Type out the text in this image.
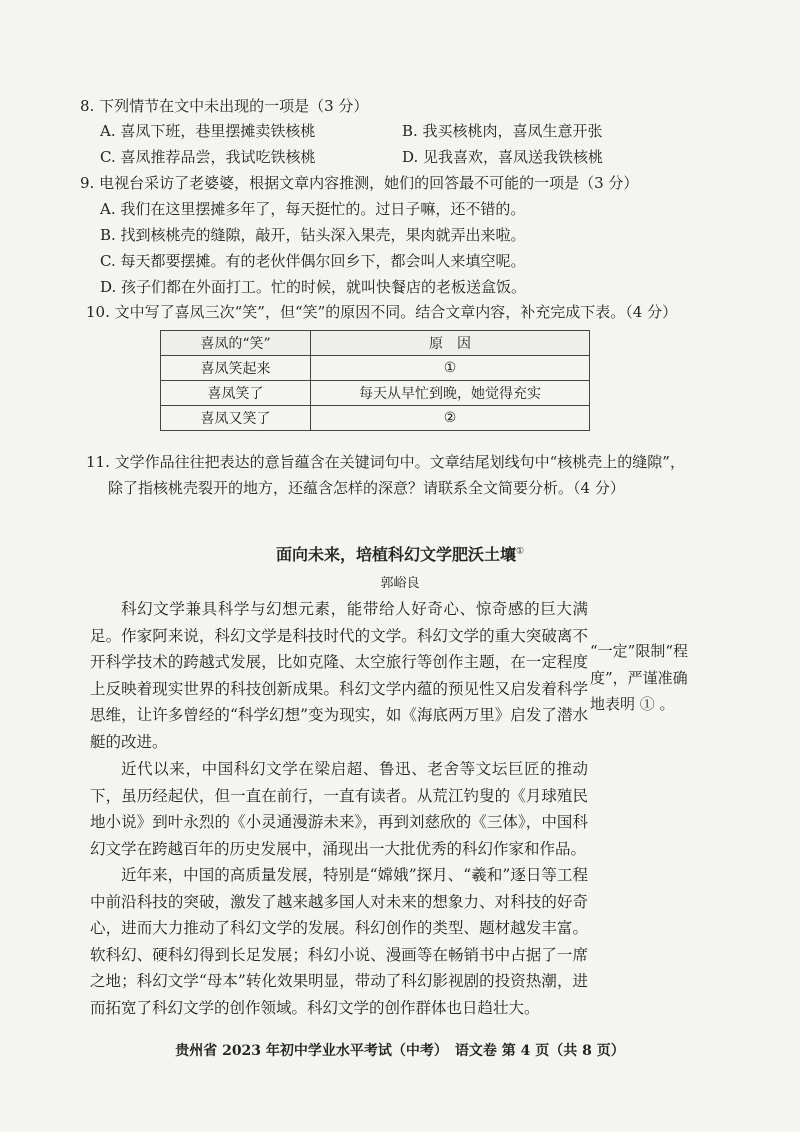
8. 下列情节在文中未出现的一项是（3 分）
A. 喜凤下班，巷里摆摊卖铁核桃	B. 我买核桃肉，喜凤生意开张
C. 喜凤推荐品尝，我试吃铁核桃	D. 见我喜欢，喜凤送我铁核桃
9. 电视台采访了老婆婆，根据文章内容推测，她们的回答最不可能的一项是（3 分）
A. 我们在这里摆摊多年了，每天挺忙的。过日子嘛，还不错的。
B. 找到核桃壳的缝隙，敲开，钻头深入果壳，果肉就弄出来啦。
C. 每天都要摆摊。有的老伙伴偶尔回乡下，都会叫人来填空呢。
D. 孩子们都在外面打工。忙的时候，就叫快餐店的老板送盒饭。
10. 文中写了喜凤三次“笑”，但“笑”的原因不同。结合文章内容，补充完成下表。（4 分）
喜凤的“笑”	原　因
喜凤笑起来	①
喜凤笑了	每天从早忙到晚，她觉得充实
喜凤又笑了	②
11. 文学作品往往把表达的意旨蕴含在关键词句中。文章结尾划线句中“核桃壳上的缝隙”，
除了指核桃壳裂开的地方，还蕴含怎样的深意？请联系全文简要分析。（4 分）
面向未来，培植科幻文学肥沃土壤①
郭峪良
科幻文学兼具科学与幻想元素，能带给人好奇心、惊奇感的巨大满足。作家阿来说，科幻文学是科技时代的文学。科幻文学的重大突破离不开科学技术的跨越式发展，比如克隆、太空旅行等创作主题，在一定程度上反映着现实世界的科技创新成果。科幻文学内蕴的预见性又启发着科学思维，让许多曾经的“科学幻想”变为现实，如《海底两万里》启发了潜水艇的改进。
近代以来，中国科幻文学在梁启超、鲁迅、老舍等文坛巨匠的推动下，虽历经起伏，但一直在前行，一直有读者。从荒江钓叟的《月球殖民地小说》到叶永烈的《小灵通漫游未来》，再到刘慈欣的《三体》，中国科幻文学在跨越百年的历史发展中，涌现出一大批优秀的科幻作家和作品。
近年来，中国的高质量发展，特别是“嫦娥”探月、“羲和”逐日等工程中前沿科技的突破，激发了越来越多国人对未来的想象力、对科技的好奇心，进而大力推动了科幻文学的发展。科幻创作的类型、题材越发丰富。软科幻、硬科幻得到长足发展；科幻小说、漫画等在畅销书中占据了一席之地；科幻文学“母本”转化效果明显，带动了科幻影视剧的投资热潮，进而拓宽了科幻文学的创作领域。科幻文学的创作群体也日趋壮大。
“一定”限制“程度”，严谨准确地表明 ① 。
贵州省 2023 年初中学业水平考试（中考）　语文卷 第 4 页（共 8 页）
